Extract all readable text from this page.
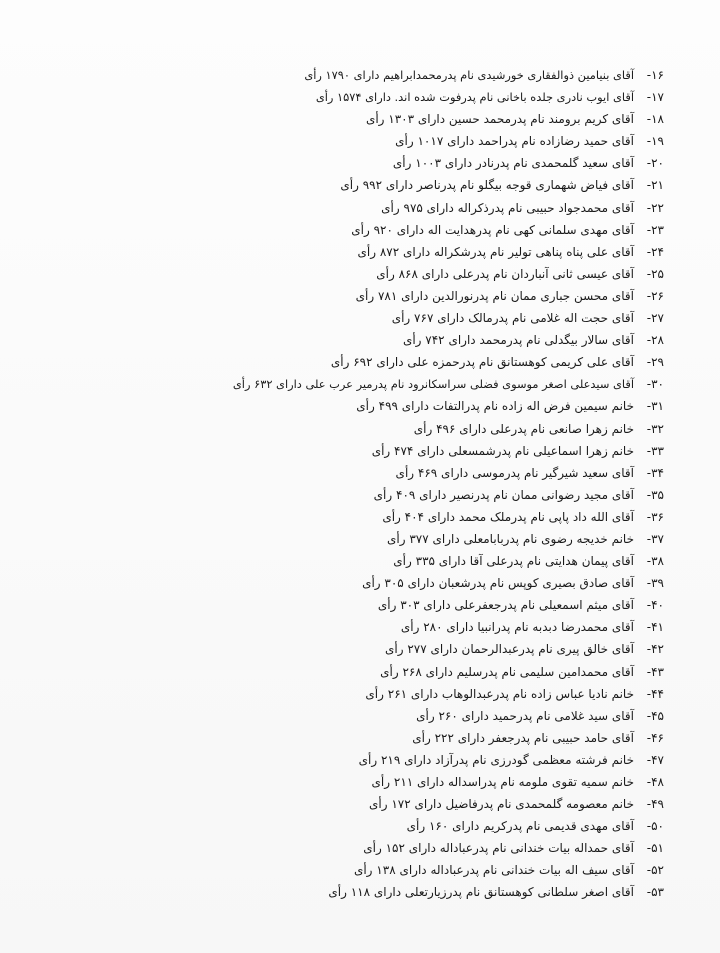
۱۶-آقای بنیامین ذوالفقاری خورشیدی نام پدرمحمدابراهیم دارای ۱۷۹۰ رأی
۱۷-آقای ایوب نادری جلده باخانی نام پدرفوت شده اند. دارای ۱۵۷۴ رأی
۱۸-آقای کریم برومند نام پدرمحمد حسین دارای ۱۳۰۳ رأی
۱۹-آقای حمید رضازاده نام پدراحمد دارای ۱۰۱۷ رأی
۲۰-آقای سعید گلمحمدی نام پدرنادر دارای ۱۰۰۳ رأی
۲۱-آقای فیاض شهماری قوجه بیگلو نام پدرناصر دارای ۹۹۲ رأی
۲۲-آقای محمدجواد حبیبی نام پدرذکراله دارای ۹۷۵ رأی
۲۳-آقای مهدی سلمانی کهی نام پدرهدایت اله دارای ۹۲۰ رأی
۲۴-آقای علی پناه پناهی تولیر نام پدرشکراله دارای ۸۷۲ رأی
۲۵-آقای عیسی ثانی آنباردان نام پدرعلی دارای ۸۶۸ رأی
۲۶-آقای محسن جباری ممان نام پدرنورالدین دارای ۷۸۱ رأی
۲۷-آقای حجت اله غلامی نام پدرمالک دارای ۷۶۷ رأی
۲۸-آقای سالار بیگدلی نام پدرمحمد دارای ۷۴۲ رأی
۲۹-آقای علی کریمی کوهستانق نام پدرحمزه علی دارای ۶۹۲ رأی
۳۰-آقای سیدعلی اصغر موسوی فضلی سراسکانرود نام پدرمیر عرب علی دارای ۶۳۲ رأی
۳۱-خانم سیمین فرض اله زاده نام پدرالتفات دارای ۴۹۹ رأی
۳۲-خانم زهرا صانعی نام پدرعلی دارای ۴۹۶ رأی
۳۳-خانم زهرا اسماعیلی نام پدرشمسعلی دارای ۴۷۴ رأی
۳۴-آقای سعید شیرگیر نام پدرموسی دارای ۴۶۹ رأی
۳۵-آقای مجید رضوانی ممان نام پدرنصیر دارای ۴۰۹ رأی
۳۶-آقای الله داد پاپی نام پدرملک محمد دارای ۴۰۴ رأی
۳۷-خانم خدیجه رضوی نام پدربابامعلی دارای ۳۷۷ رأی
۳۸-آقای پیمان هدایتی نام پدرعلی آقا دارای ۳۳۵ رأی
۳۹-آقای صادق بصیری کوپس نام پدرشعبان دارای ۳۰۵ رأی
۴۰-آقای میثم اسمعیلی نام پدرجعفرعلی دارای ۳۰۳ رأی
۴۱-آقای محمدرضا دبدبه نام پدرانبیا دارای ۲۸۰ رأی
۴۲-آقای خالق پیری نام پدرعبدالرحمان دارای ۲۷۷ رأی
۴۳-آقای محمدامین سلیمی نام پدرسلیم دارای ۲۶۸ رأی
۴۴-خانم نادیا عباس زاده نام پدرعبدالوهاب دارای ۲۶۱ رأی
۴۵-آقای سید غلامی نام پدرحمید دارای ۲۶۰ رأی
۴۶-آقای حامد حبیبی نام پدرجعفر دارای ۲۲۲ رأی
۴۷-خانم فرشته معظمی گودرزی نام پدرآزاد دارای ۲۱۹ رأی
۴۸-خانم سمیه تقوی ملومه نام پدراسداله دارای ۲۱۱ رأی
۴۹-خانم معصومه گلمحمدی نام پدرفاضیل دارای ۱۷۲ رأی
۵۰-آقای مهدی قدیمی نام پدرکریم دارای ۱۶۰ رأی
۵۱-آقای حمداله بیات خندانی نام پدرعباداله دارای ۱۵۲ رأی
۵۲-آقای سیف اله بیات خندانی نام پدرعباداله دارای ۱۳۸ رأی
۵۳-آقای اصغر سلطانی کوهستانق نام پدرزیارتعلی دارای ۱۱۸ رأی
